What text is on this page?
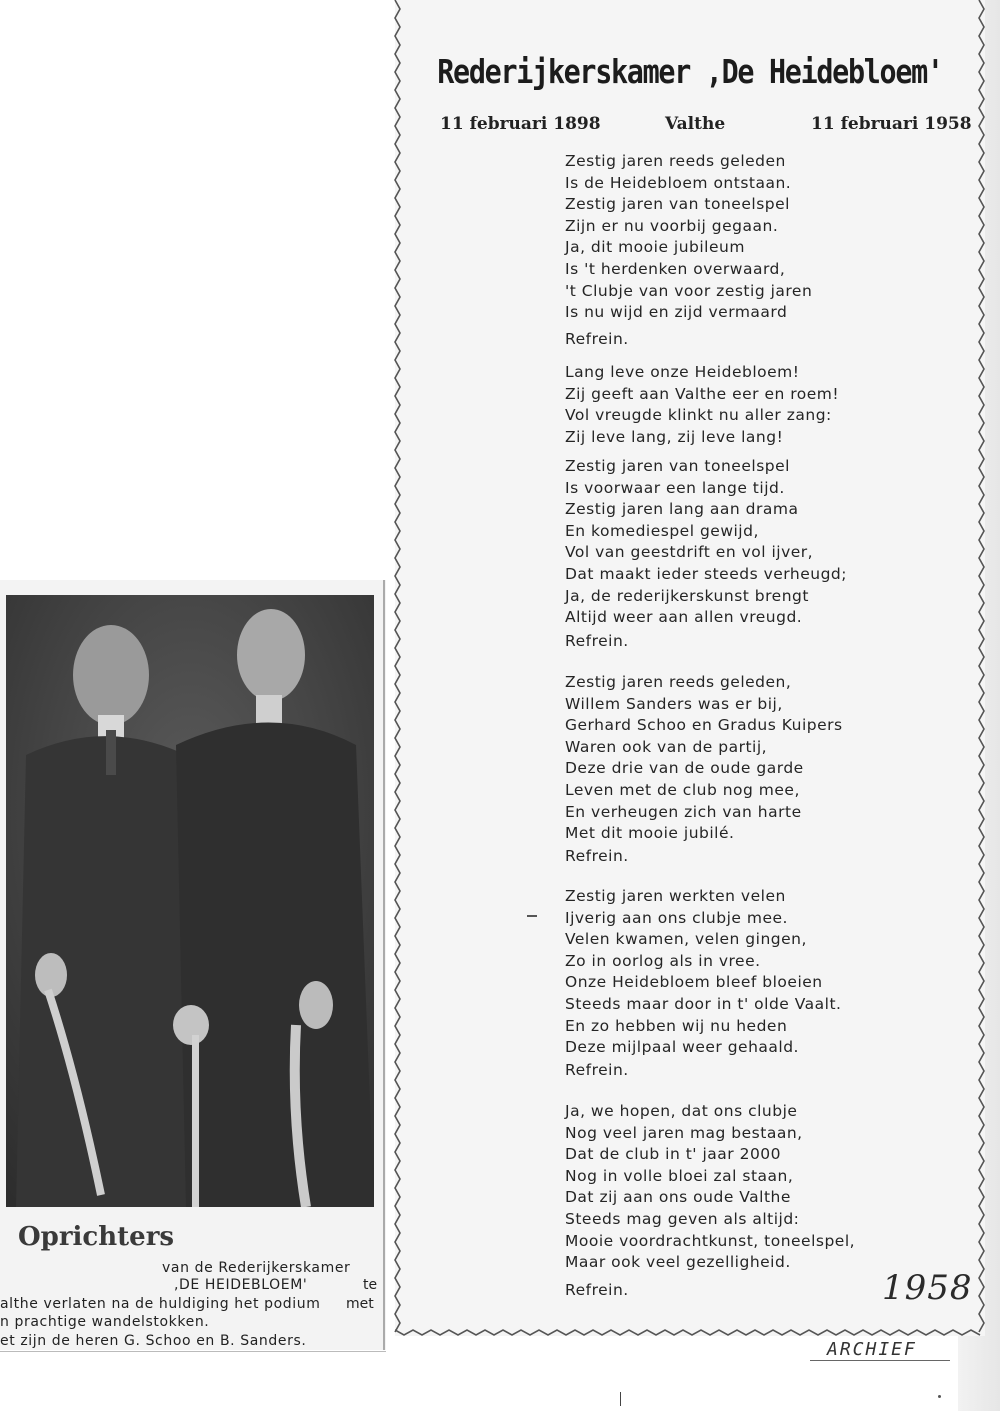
Rederijkerskamer ,De Heidebloem'
11 februari 1898	Valthe	11 februari 1958
Zestig jaren reeds geleden
Is de Heidebloem ontstaan.
Zestig jaren van toneelspel
Zijn er nu voorbij gegaan.
Ja, dit mooie jubileum
Is 't herdenken overwaard,
't Clubje van voor zestig jaren
Is nu wijd en zijd vermaard
Refrein.
Lang leve onze Heidebloem!
Zij geeft aan Valthe eer en roem!
Vol vreugde klinkt nu aller zang:
Zij leve lang, zij leve lang!
Zestig jaren van toneelspel
Is voorwaar een lange tijd.
Zestig jaren lang aan drama
En komediespel gewijd,
Vol van geestdrift en vol ijver,
Dat maakt ieder steeds verheugd;
Ja, de rederijkerskunst brengt
Altijd weer aan allen vreugd.
Refrein.
Zestig jaren reeds geleden,
Willem Sanders was er bij,
Gerhard Schoo en Gradus Kuipers
Waren ook van de partij,
Deze drie van de oude garde
Leven met de club nog mee,
En verheugen zich van harte
Met dit mooie jubilé.
Refrein.
Zestig jaren werkten velen
Ijverig aan ons clubje mee.
Velen kwamen, velen gingen,
Zo in oorlog als in vree.
Onze Heidebloem bleef bloeien
Steeds maar door in t' olde Vaalt.
En zo hebben wij nu heden
Deze mijlpaal weer gehaald.
Refrein.
Ja, we hopen, dat ons clubje
Nog veel jaren mag bestaan,
Dat de club in t' jaar 2000
Nog in volle bloei zal staan,
Dat zij aan ons oude Valthe
Steeds mag geven als altijd:
Mooie voordrachtkunst, toneelspel,
Maar ook veel gezelligheid.
Refrein.	1958
ARCHIEF
Oprichters
van de Rederijkerskamer
,DE HEIDEBLOEM'	te
althe verlaten na de huldiging het podium met
n prachtige wandelstokken.
et zijn de heren G. Schoo en B. Sanders.
